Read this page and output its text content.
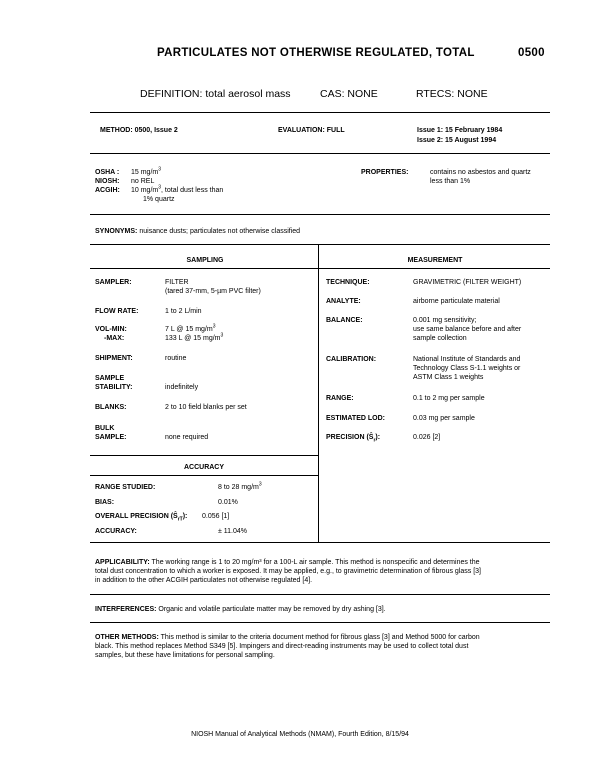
PARTICULATES NOT OTHERWISE REGULATED, TOTAL	0500
DEFINITION: total aerosol mass	CAS: NONE	RTECS: NONE
METHOD: 0500, Issue 2	EVALUATION: FULL	Issue 1: 15 February 1984
Issue 2: 15 August 1994
OSHA : 15 $mg/m^3$
NIOSH: no REL
ACGIH: 10 $mg/m^3$, total dust less than
1% quartz
PROPERTIES:	contains no asbestos and quartz
less than 1%
SYNONYMS: nuisance dusts; particulates not otherwise classified
SAMPLING	MEASUREMENT
SAMPLER:	FILTER
(tared 37-mm, 5-µm PVC filter)
FLOW RATE:	1 to 2 L/min
VOL-MIN:	7 L @ 15 $mg/m^3$
-MAX:	133 L @ 15 $mg/m^3$
SHIPMENT:	routine
SAMPLE
STABILITY:	indefinitely
BLANKS:	2 to 10 field blanks per set
BULK
SAMPLE:	none required
ACCURACY
RANGE STUDIED:	8 to 28 $mg/m^3$
BIAS:	0.01%
OVERALL PRECISION $(Ŝ_{rT})$: 0.056 [1]
ACCURACY:	± 11.04%
TECHNIQUE:	GRAVIMETRIC (FILTER WEIGHT)
ANALYTE:	airborne particulate material
BALANCE:	0.001 mg sensitivity;
use same balance before and after
sample collection
CALIBRATION:	National Institute of Standards and
Technology Class S-1.1 weights or
ASTM Class 1 weights
RANGE:	0.1 to 2 mg per sample
ESTIMATED LOD:	0.03 mg per sample
PRECISION $(Ŝ_r)$:	0.026 [2]
APPLICABILITY: The working range is 1 to 20 mg/m³ for a 100-L air sample. This method is nonspecific and determines the
total dust concentration to which a worker is exposed. It may be applied, e.g., to gravimetric determination of fibrous glass [3]
in addition to the other ACGIH particulates not otherwise regulated [4].
INTERFERENCES: Organic and volatile particulate matter may be removed by dry ashing [3].
OTHER METHODS: This method is similar to the criteria document method for fibrous glass [3] and Method 5000 for carbon
black. This method replaces Method S349 [5]. Impingers and direct-reading instruments may be used to collect total dust
samples, but these have limitations for personal sampling.
NIOSH Manual of Analytical Methods (NMAM), Fourth Edition, 8/15/94
